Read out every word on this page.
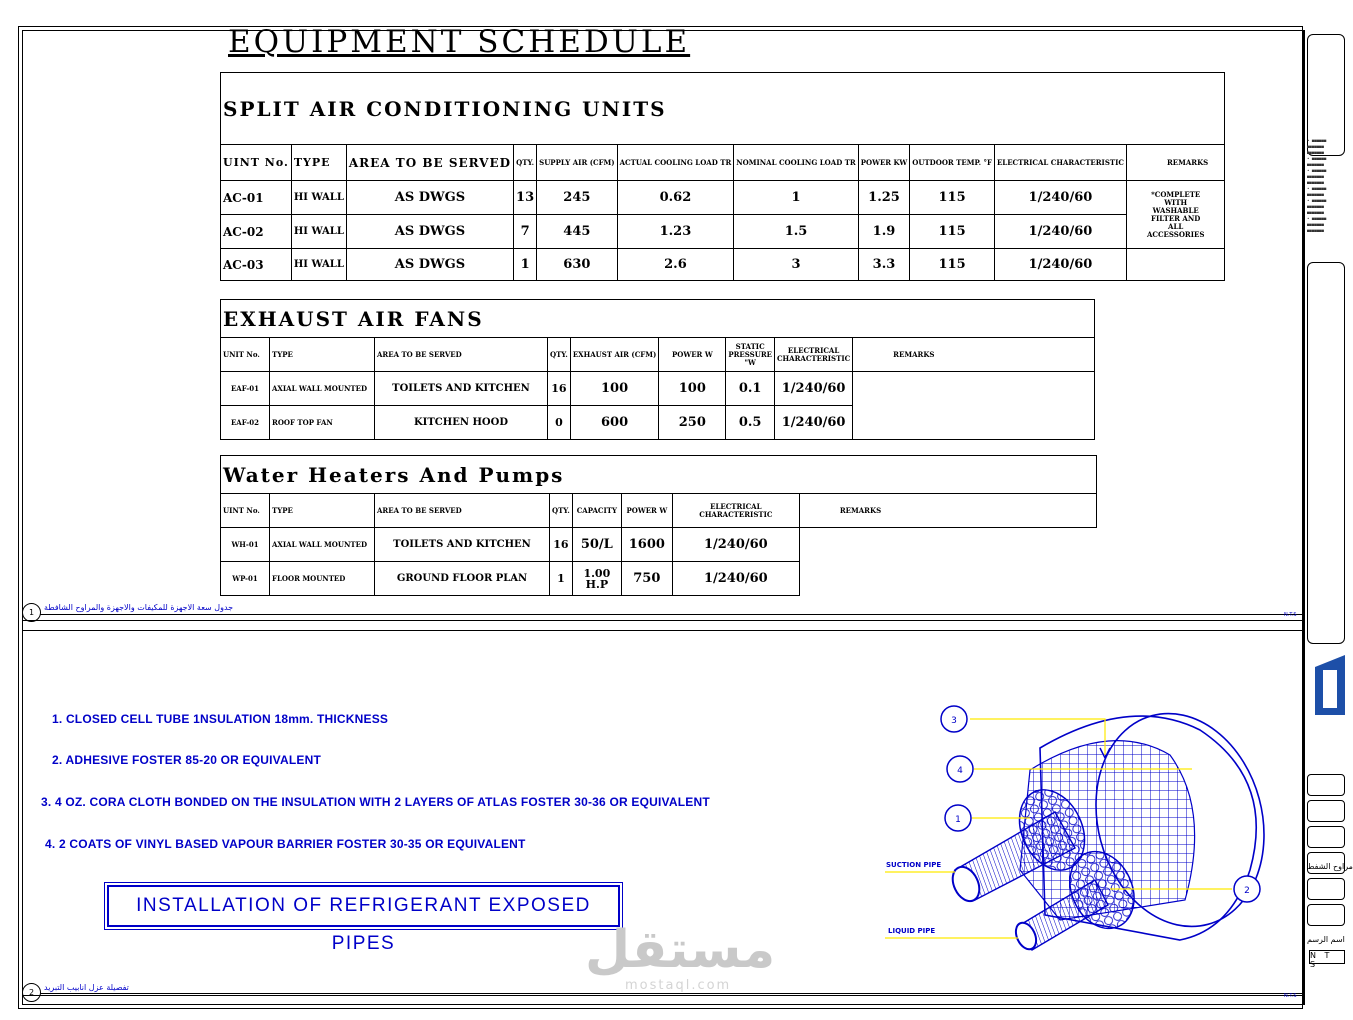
• ■■■■■■
■■■■■■■
■■■■■■■
• ■■■■■■
■■■■■■■
• ■■■■■■
■■■■■■■
■■■■■■■
• ■■■■■■
■■■■■■■
• ■■■■■■
■■■■■■■
■■■■■■■
• ■■■■■■
■■■■■■■
■■■■■■■
مراوح الشفط
اسم الرسم
N T S
EQUIPMENT SCHEDULE
SPLIT AIR CONDITIONING UNITS										
UINT No.	TYPE	AREA TO BE SERVED	QTY.	SUPPLY AIR (CFM)	ACTUAL COOLING LOAD TR	NOMINAL COOLING LOAD TR	POWER KW	OUTDOOR TEMP. °F	ELECTRICAL CHARACTERISTIC	REMARKS
AC-01	HI WALL	AS DWGS	13	245	0.62	1	1.25	115	1/240/60	*COMPLETE WITH WASHABLE FILTER AND ALL ACCESSORIES
AC-02	HI WALL	AS DWGS	7	445	1.23	1.5	1.9	115	1/240/60	
AC-03	HI WALL	AS DWGS	1	630	2.6	3	3.3	115	1/240/60	
EXHAUST AIR FANS								
UNIT No.	TYPE	AREA TO BE SERVED	QTY.	EXHAUST AIR (CFM)	POWER W	STATIC PRESSURE "W	ELECTRICAL CHARACTERISTIC	REMARKS
EAF-01	AXIAL WALL MOUNTED	TOILETS AND KITCHEN	16	100	100	0.1	1/240/60	
EAF-02	ROOF TOP FAN	KITCHEN HOOD	0	600	250	0.5	1/240/60	
Water Heaters And Pumps							
UINT No.	TYPE	AREA TO BE SERVED	QTY.	CAPACITY	POWER W	ELECTRICAL CHARACTERISTIC	REMARKS
WH-01	AXIAL WALL MOUNTED	TOILETS AND KITCHEN	16	50/L	1600	1/240/60	
WP-01	FLOOR MOUNTED	GROUND FLOOR PLAN	1	1.00 H.P	750	1/240/60	
1
جدول سعة الاجهزة للمكيفات والاجهزة والمراوح الشافطة
N.T.S
1. CLOSED CELL TUBE 1NSULATION 18mm. THICKNESS
2. ADHESIVE FOSTER 85-20 OR EQUIVALENT
3. 4 OZ. CORA CLOTH BONDED ON THE INSULATION WITH 2 LAYERS OF ATLAS FOSTER 30-36 OR EQUIVALENT
4. 2 COATS OF VINYL BASED VAPOUR BARRIER FOSTER 30-35 OR EQUIVALENT
INSTALLATION OF REFRIGERANT EXPOSED PIPES
3
4
1
2
SUCTION PIPE
LIQUID PIPE
مستقل
mostaql.com
2
تفصيلة عزل انابيب التبريد
N.T.S
